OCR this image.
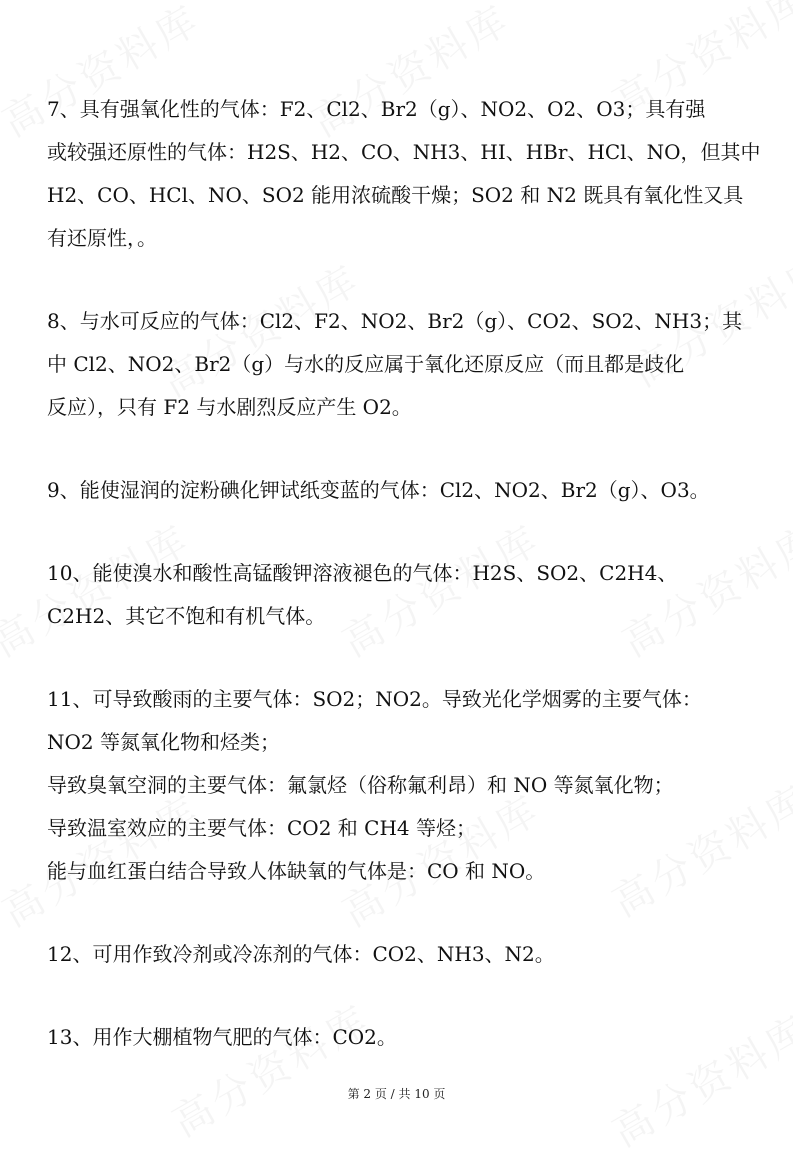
7、具有强氧化性的气体：F2、Cl2、Br2（g）、NO2、O2、O3；具有强
或较强还原性的气体：H2S、H2、CO、NH3、HI、HBr、HCl、NO，但其中
H2、CO、HCl、NO、SO2 能用浓硫酸干燥；SO2 和 N2 既具有氧化性又具
有还原性，。
8、与水可反应的气体：Cl2、F2、NO2、Br2（g）、CO2、SO2、NH3；其
中 Cl2、NO2、Br2（g）与水的反应属于氧化还原反应（而且都是歧化
反应），只有 F2 与水剧烈反应产生 O2。
9、能使湿润的淀粉碘化钾试纸变蓝的气体：Cl2、NO2、Br2（g）、O3。
10、能使溴水和酸性高锰酸钾溶液褪色的气体：H2S、SO2、C2H4、
C2H2、其它不饱和有机气体。
11、可导致酸雨的主要气体：SO2；NO2。导致光化学烟雾的主要气体：
NO2 等氮氧化物和烃类；
导致臭氧空洞的主要气体：氟氯烃（俗称氟利昂）和 NO 等氮氧化物；
导致温室效应的主要气体：CO2 和 CH4 等烃；
能与血红蛋白结合导致人体缺氧的气体是：CO 和 NO。
12、可用作致冷剂或冷冻剂的气体：CO2、NH3、N2。
13、用作大棚植物气肥的气体：CO2。
第 2 页 / 共 10 页
